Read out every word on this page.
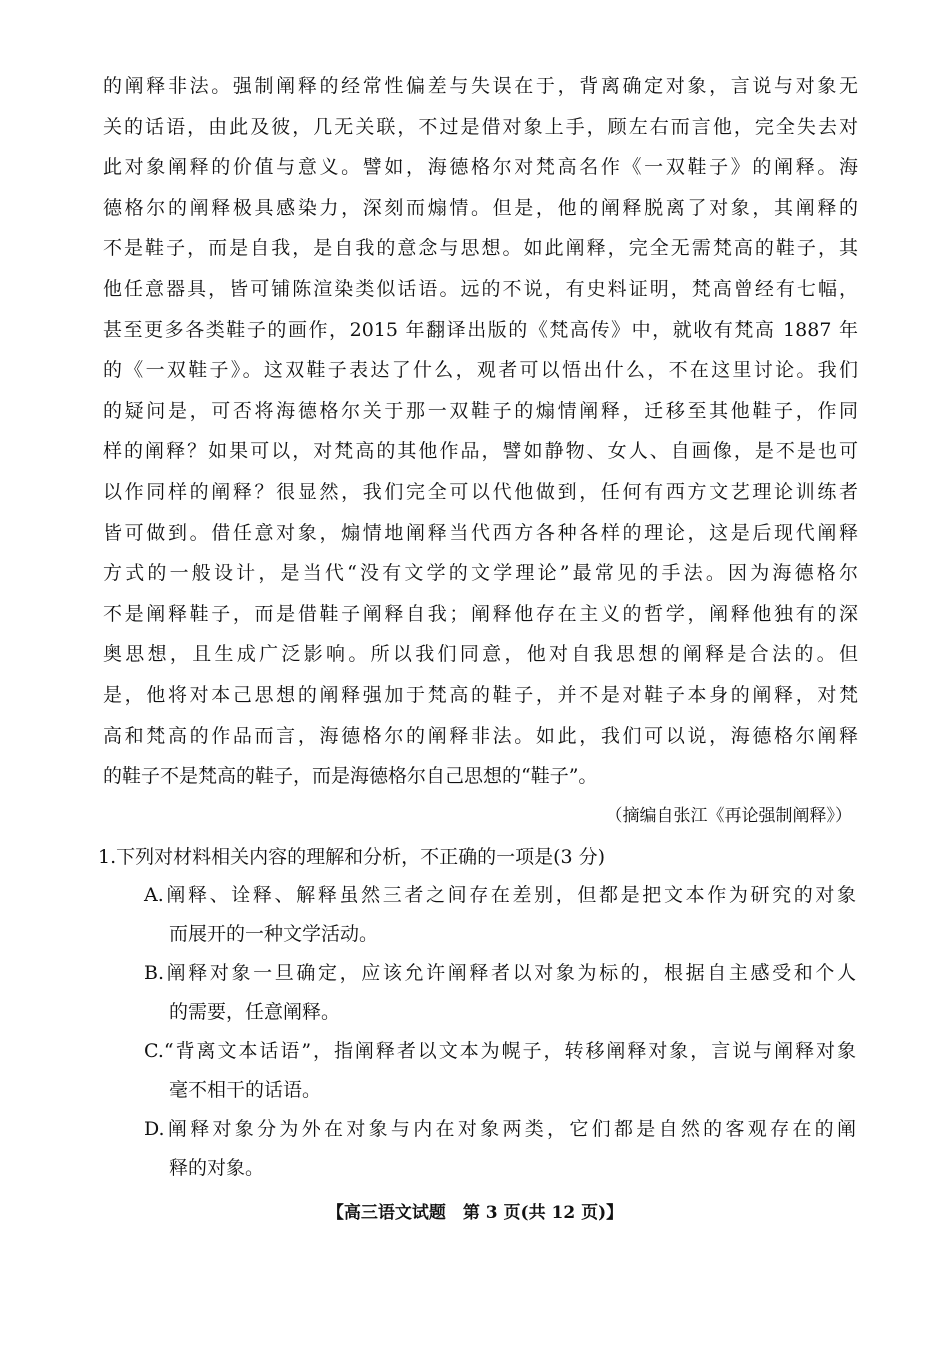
的阐释非法。强制阐释的经常性偏差与失误在于，背离确定对象，言说与对象无
关的话语，由此及彼，几无关联，不过是借对象上手，顾左右而言他，完全失去对
此对象阐释的价值与意义。譬如，海德格尔对梵高名作《一双鞋子》的阐释。海
德格尔的阐释极具感染力，深刻而煽情。但是，他的阐释脱离了对象，其阐释的
不是鞋子，而是自我，是自我的意念与思想。如此阐释，完全无需梵高的鞋子，其
他任意器具，皆可铺陈渲染类似话语。远的不说，有史料证明，梵高曾经有七幅，
甚至更多各类鞋子的画作，2015 年翻译出版的《梵高传》中，就收有梵高 1887 年
的《一双鞋子》。这双鞋子表达了什么，观者可以悟出什么，不在这里讨论。我们
的疑问是，可否将海德格尔关于那一双鞋子的煽情阐释，迁移至其他鞋子，作同
样的阐释？如果可以，对梵高的其他作品，譬如静物、女人、自画像，是不是也可
以作同样的阐释？很显然，我们完全可以代他做到，任何有西方文艺理论训练者
皆可做到。借任意对象，煽情地阐释当代西方各种各样的理论，这是后现代阐释
方式的一般设计，是当代“没有文学的文学理论”最常见的手法。因为海德格尔
不是阐释鞋子，而是借鞋子阐释自我；阐释他存在主义的哲学，阐释他独有的深
奥思想，且生成广泛影响。所以我们同意，他对自我思想的阐释是合法的。但
是，他将对本己思想的阐释强加于梵高的鞋子，并不是对鞋子本身的阐释，对梵
高和梵高的作品而言，海德格尔的阐释非法。如此，我们可以说，海德格尔阐释
的鞋子不是梵高的鞋子，而是海德格尔自己思想的“鞋子”。
（摘编自张江《再论强制阐释》）
1.下列对材料相关内容的理解和分析，不正确的一项是(3 分)
A.阐释、诠释、解释虽然三者之间存在差别，但都是把文本作为研究的对象
而展开的一种文学活动。
B.阐释对象一旦确定，应该允许阐释者以对象为标的，根据自主感受和个人
的需要，任意阐释。
C.“背离文本话语”，指阐释者以文本为幌子，转移阐释对象，言说与阐释对象
毫不相干的话语。
D.阐释对象分为外在对象与内在对象两类，它们都是自然的客观存在的阐
释的对象。
【高三语文试题　第 3 页(共 12 页)】
